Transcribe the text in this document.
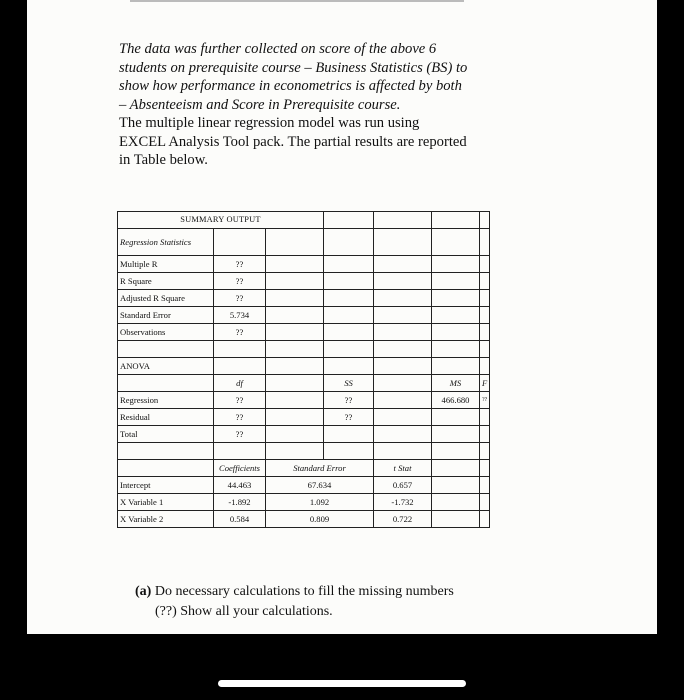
The data was further collected on score of the above 6
students on prerequisite course – Business Statistics (BS) to
show how performance in econometrics is affected by both
– Absenteeism and Score in Prerequisite course.
The multiple linear regression model was run using
EXCEL Analysis Tool pack. The partial results are reported
in Table below.
SUMMARY OUTPUT						
Regression Statistics						
Multiple R	??					
R Square	??					
Adjusted R Square	??					
Standard Error	5.734					
Observations	??					

ANOVA						
	df		SS		MS	F
Regression	??		??		466.680	??
Residual	??		??			
Total	??					

	Coefficients	Standard Error		t Stat		
Intercept	44.463	67.634		0.657		
X Variable 1	-1.892	1.092		-1.732		
X Variable 2	0.584	0.809		0.722		
(a) Do necessary calculations to fill the missing numbers
(??) Show all your calculations.
